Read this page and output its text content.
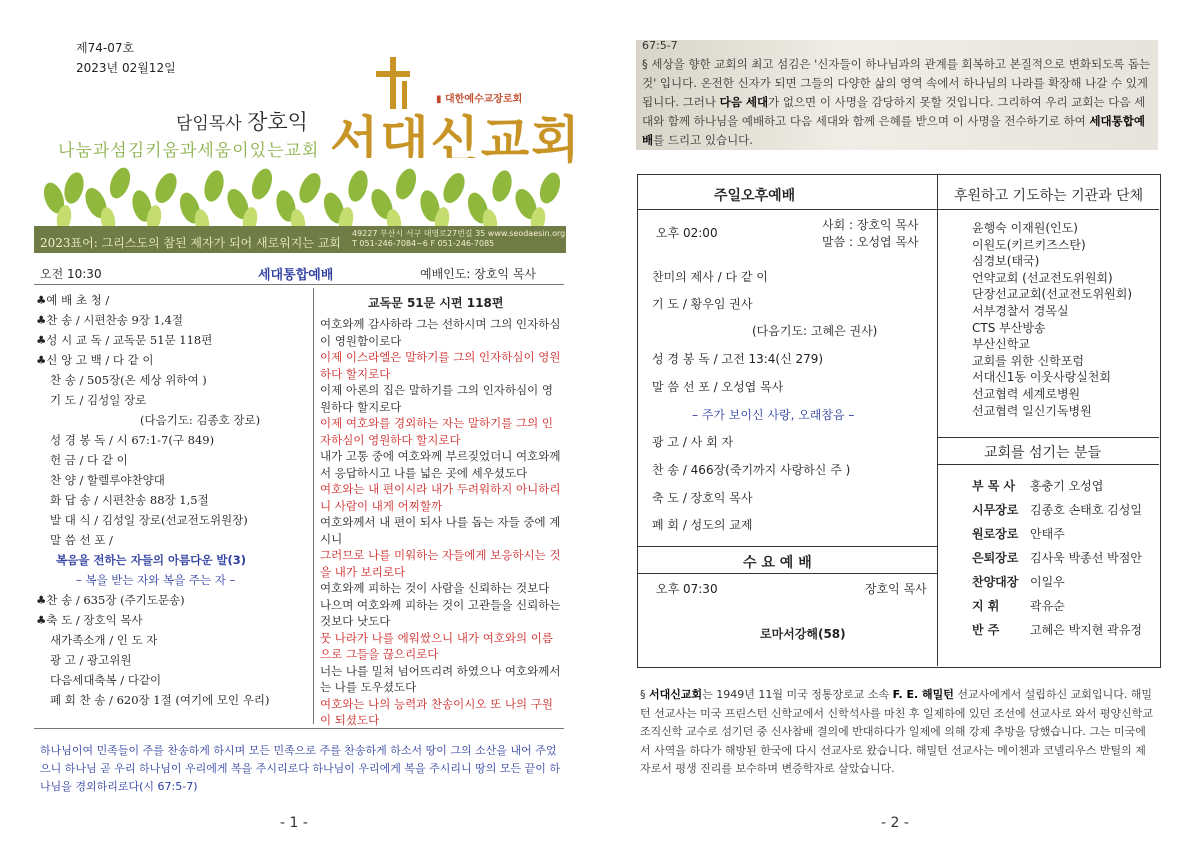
제74-07호
2023년 02월12일
담임목사 장호익
나눔과섬김키움과세움이있는교회 서대신교회
▮ 대한예수교장로회
2023표어: 그리스도의 참된 제자가 되어 새로워지는 교회
49227 부산시 서구 대영로27번길 35 www.seodaesin.org
T 051-246-7084~6 F 051-246-7085
오전 10:30	세대통합예배	예배인도: 장호익 목사
♣예 배 초 청 /
♣찬 송 / 시편찬송 9장 1,4절
♣성 시 교 독 / 교독문 51문 118편
♣신 앙 고 백 / 다 같 이
찬 송 / 505장(온 세상 위하여 )
기 도 / 김성일 장로
(다음기도: 김종호 장로)
성 경 봉 독 / 시 67:1-7(구 849)
헌 금 / 다 같 이
찬 양 / 할렐루야찬양대
화 답 송 / 시편찬송 88장 1,5절
발 대 식 / 김성일 장로(선교전도위원장)
말 씀 선 포 /
복음을 전하는 자들의 아름다운 발(3)
– 복을 받는 자와 복을 주는 자 –
♣찬 송 / 635장 (주기도문송)
♣축 도 / 장호익 목사
새가족소개 / 인 도 자
광 고 / 광고위원
다음세대축복 / 다같이
폐 회 찬 송 / 620장 1절 (여기에 모인 우리)
교독문 51문 시편 118편

여호와께 감사하라 그는 선하시며 그의 인자하심이 영원함이로다

이제 이스라엘은 말하기를 그의 인자하심이 영원하다 할지로다

이제 아론의 집은 말하기를 그의 인자하심이 영원하다 할지로다

이제 여호와를 경외하는 자는 말하기를 그의 인자하심이 영원하다 할지로다

내가 고통 중에 여호와께 부르짖었더니 여호와께서 응답하시고 나를 넓은 곳에 세우셨도다

여호와는 내 편이시라 내가 두려워하지 아니하리니 사람이 내게 어찌할까

여호와께서 내 편이 되사 나를 돕는 자들 중에 계시니

그러므로 나를 미워하는 자들에게 보응하시는 것을 내가 보리로다

여호와께 피하는 것이 사람을 신뢰하는 것보다 나으며 여호와께 피하는 것이 고관들을 신뢰하는 것보다 낫도다

뭇 나라가 나를 에워쌌으니 내가 여호와의 이름으로 그들을 끊으리로다

너는 나를 밀쳐 넘어뜨리려 하였으나 여호와께서는 나를 도우셨도다

여호와는 나의 능력과 찬송이시오 또 나의 구원이 되셨도다

하나님이여 민족들이 주를 찬송하게 하시며 모든 민족으로 주를 찬송하게 하소서 땅이 그의 소산을 내어 주었으니 하나님 곧 우리 하나님이 우리에게 복을 주시리로다 하나님이 우리에게 복을 주시리니 땅의 모든 끝이 하나님을 경외하리로다(시 67:5-7)
- 1 -
67:5-7
§ 세상을 향한 교회의 최고 섬김은 '신자들이 하나님과의 관계를 회복하고 본질적으로 변화되도록 돕는 것' 입니다. 온전한 신자가 되면 그들의 다양한 삶의 영역 속에서 하나님의 나라를 확장해 나갈 수 있게 됩니다. 그러나 다음 세대가 없으면 이 사명을 감당하지 못할 것입니다. 그리하여 우리 교회는 다음 세대와 함께 하나님을 예배하고 다음 세대와 함께 은혜를 받으며 이 사명을 전수하기로 하여 세대통합예배를 드리고 있습니다.
주일오후예배
오후 02:00
사회 : 장호익 목사
말씀 : 오성엽 목사
찬미의 제사 / 다 같 이
기 도 / 황우임 권사
(다음기도: 고혜은 권사)
성 경 봉 독 / 고전 13:4(신 279)
말 씀 선 포 / 오성엽 목사
– 주가 보이신 사랑, 오래참음 –
광 고 / 사 회 자
찬 송 / 466장(죽기까지 사랑하신 주 )
축 도 / 장호익 목사
폐 회 / 성도의 교제
수 요 예 배
오후 07:30	장호익 목사
로마서강해(58)
후원하고 기도하는 기관과 단체
윤행숙 이재원(인도)
이원도(키르키즈스탄)
심경보(태국)
언약교회 (선교전도위원회)
단장선교교회(선교전도위원회)
서부경찰서 경목실
CTS 부산방송
부산신학교
교회를 위한 신학포럼
서대신1동 이웃사랑실천회
선교협력 세계로병원
선교협력 일신기독병원
교회를 섬기는 분들
부 목 사 홍충기 오성엽
시무장로 김종호 손태호 김성일
원로장로 안태주
은퇴장로 김사욱 박종선 박점안
찬양대장 이일우
지 휘	곽유순
반 주	고혜은 박지현 곽유정
§ 서대신교회는 1949년 11월 미국 정통장로교 소속 F. E. 해밀턴 선교사에게서 설립하신 교회입니다. 해밀턴 선교사는 미국 프린스턴 신학교에서 신학석사를 마친 후 일제하에 있던 조선에 선교사로 와서 평양신학교 조직신학 교수로 섬기던 중 신사참배 결의에 반대하다가 일제에 의해 강제 추방을 당했습니다. 그는 미국에서 사역을 하다가 해방된 한국에 다시 선교사로 왔습니다. 해밀턴 선교사는 메이첸과 코넬리우스 반틸의 제자로서 평생 진리를 보수하며 변증학자로 살았습니다.
- 2 -
